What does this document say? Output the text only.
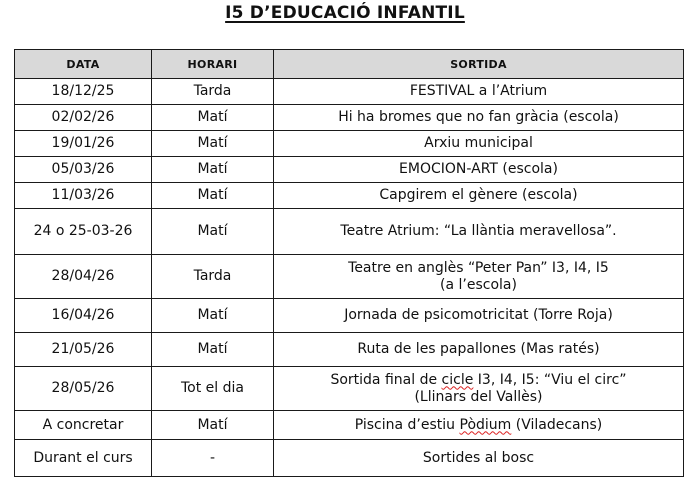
I5 D’EDUCACIÓ INFANTIL
DATA	HORARI	SORTIDA
18/12/25	Tarda	FESTIVAL a l’Atrium
02/02/26	Matí	Hi ha bromes que no fan gràcia (escola)
19/01/26	Matí	Arxiu municipal
05/03/26	Matí	EMOCION-ART (escola)
11/03/26	Matí	Capgirem el gènere (escola)
24 o 25-03-26	Matí	Teatre Atrium: “La llàntia meravellosa”.
28/04/26	Tarda	Teatre en anglès “Peter Pan” I3, I4, I5
(a l’escola)

16/04/26	Matí	Jornada de psicomotricitat (Torre Roja)
21/05/26	Matí	Ruta de les papallones (Mas ratés)
28/05/26	Tot el dia	Sortida final de cicle I3, I4, I5: “Viu el circ”
(Llinars del Vallès)

A concretar	Matí	Piscina d’estiu Pòdium (Viladecans)
Durant el curs	-	Sortides al bosc
